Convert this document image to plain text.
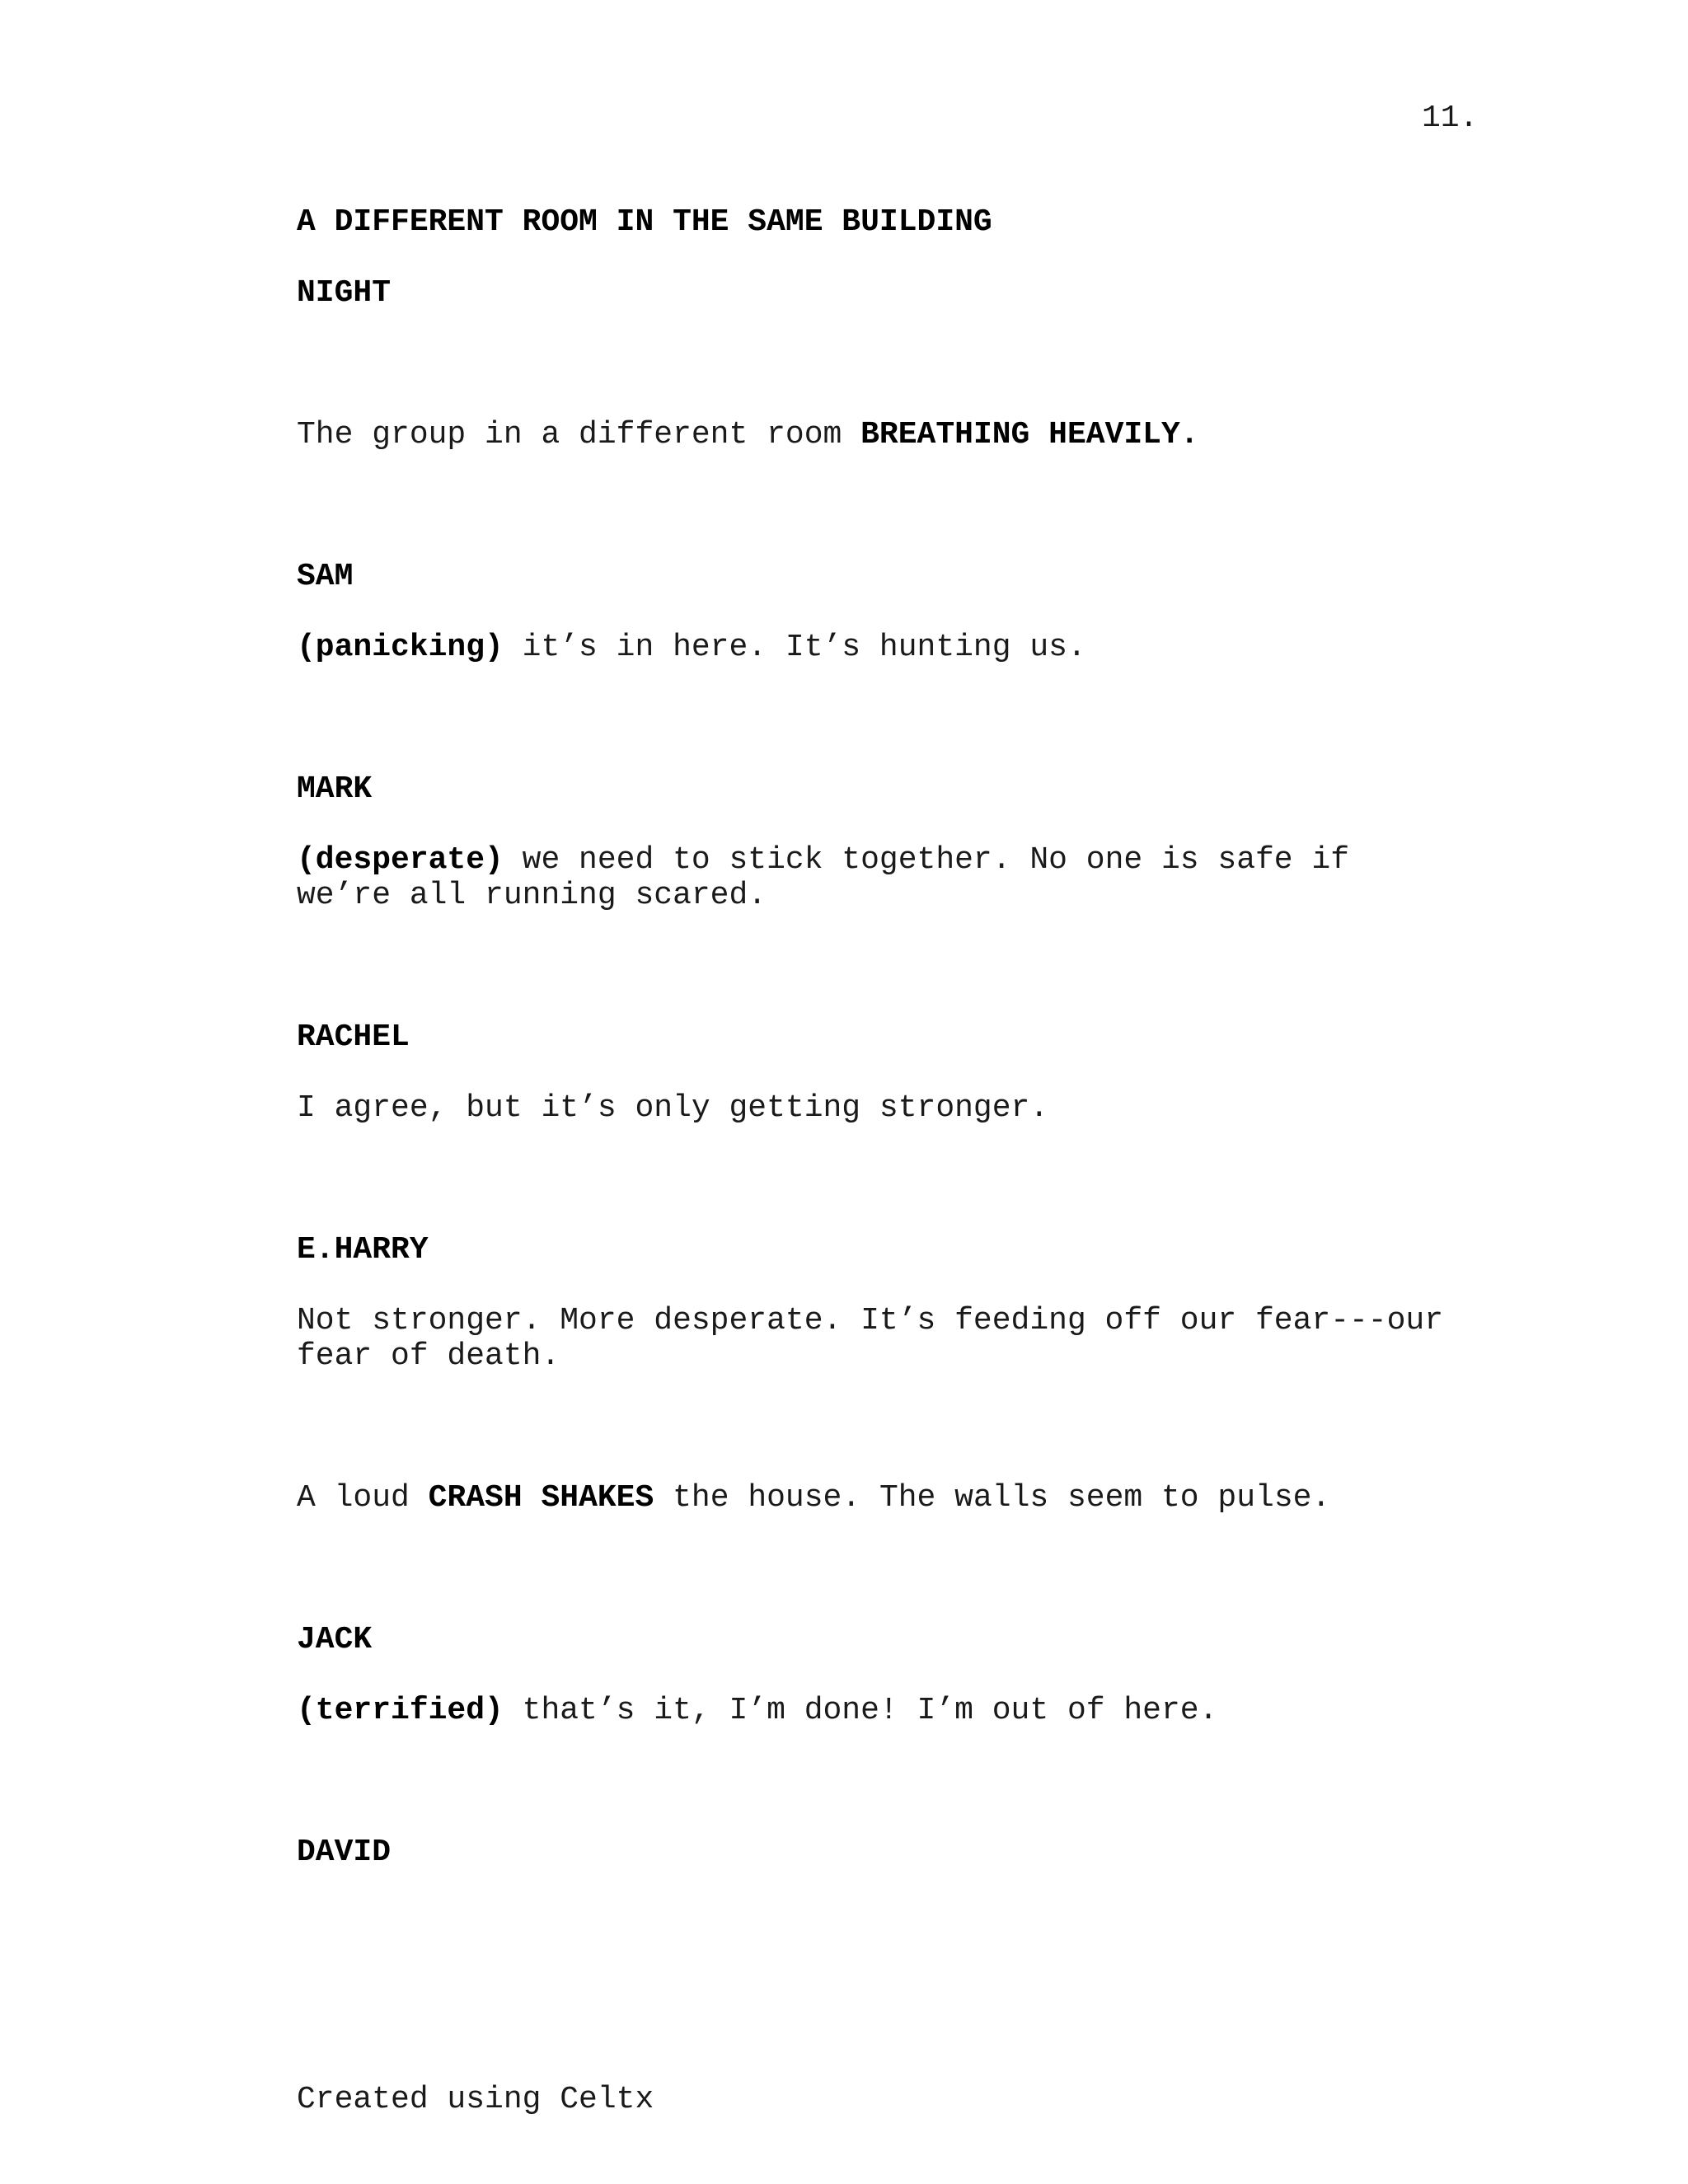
11.
A DIFFERENT ROOM IN THE SAME BUILDING
NIGHT
The group in a different room BREATHING HEAVILY.
SAM
(panicking) it’s in here. It’s hunting us.
MARK
(desperate) we need to stick together. No one is safe if
we’re all running scared.
RACHEL
I agree, but it’s only getting stronger.
E.HARRY
Not stronger. More desperate. It’s feeding off our fear---our
fear of death.
A loud CRASH SHAKES the house. The walls seem to pulse.
JACK
(terrified) that’s it, I’m done! I’m out of here.
DAVID
Created using Celtx
